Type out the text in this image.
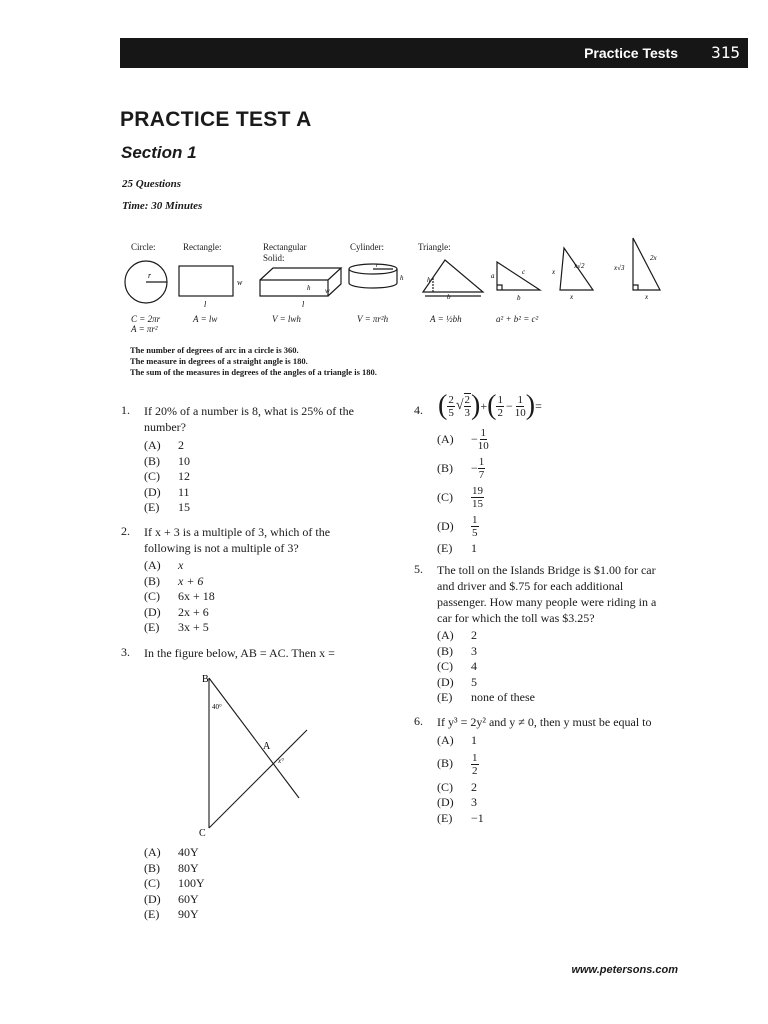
Practice Tests 315
PRACTICE TEST A
Section 1
25 Questions
Time: 30 Minutes
Circle:	Rectangle:	Rectangular
Solid:
Cylinder:	Triangle:
r
w
l
h w
l
r
h	h
b
a	c
b
x
x√2
x
x√3
2x
x
C = 2πr
A = πr²
A = lw	V = lwh	V = πr²h	A = ½bh	a² + b² = c²
The number of degrees of arc in a circle is 360.
The measure in degrees of a straight angle is 180.
The sum of the measures in degrees of the angles of a triangle is 180.
1. If 20% of a number is 8, what is 25% of the
number?
(A) 2
(B) 10
(C) 12
(D) 11
(E) 15
2. If x + 3 is a multiple of 3, which of the
following is not a multiple of 3?
(A) x
(B) x + 6
(C) 6x + 18
(D) 2x + 6
(E) 3x + 5
3. In the figure below, AB = AC. Then x =
B
40°
A
x°
C
(A) 40Υ
(B) 80Υ
(C) 100Υ
(D) 60Υ
(E) 90Υ
4. ( $\frac{2}{5}$ √ $\frac{2}{3}$ ) + ( $\frac{1}{2} - \frac{1}{10}$ ) =
(A)	− $\frac{1}{10}$
(B)	− $\frac{1}{7}$
(C)	$\frac{19}{15}$
(D)	$\frac{1}{5}$
(E) 1
5. The toll on the Islands Bridge is $1.00 for car
and driver and $.75 for each additional
passenger. How many people were riding in a
car for which the toll was $3.25?
(A) 2
(B) 3
(C) 4
(D) 5
(E) none of these
6. If y³ = 2y² and y ≠ 0, then y must be equal to
(A) 1
(B)	$\frac{1}{2}$
(C) 2
(D) 3
(E) −1
www.petersons.com
